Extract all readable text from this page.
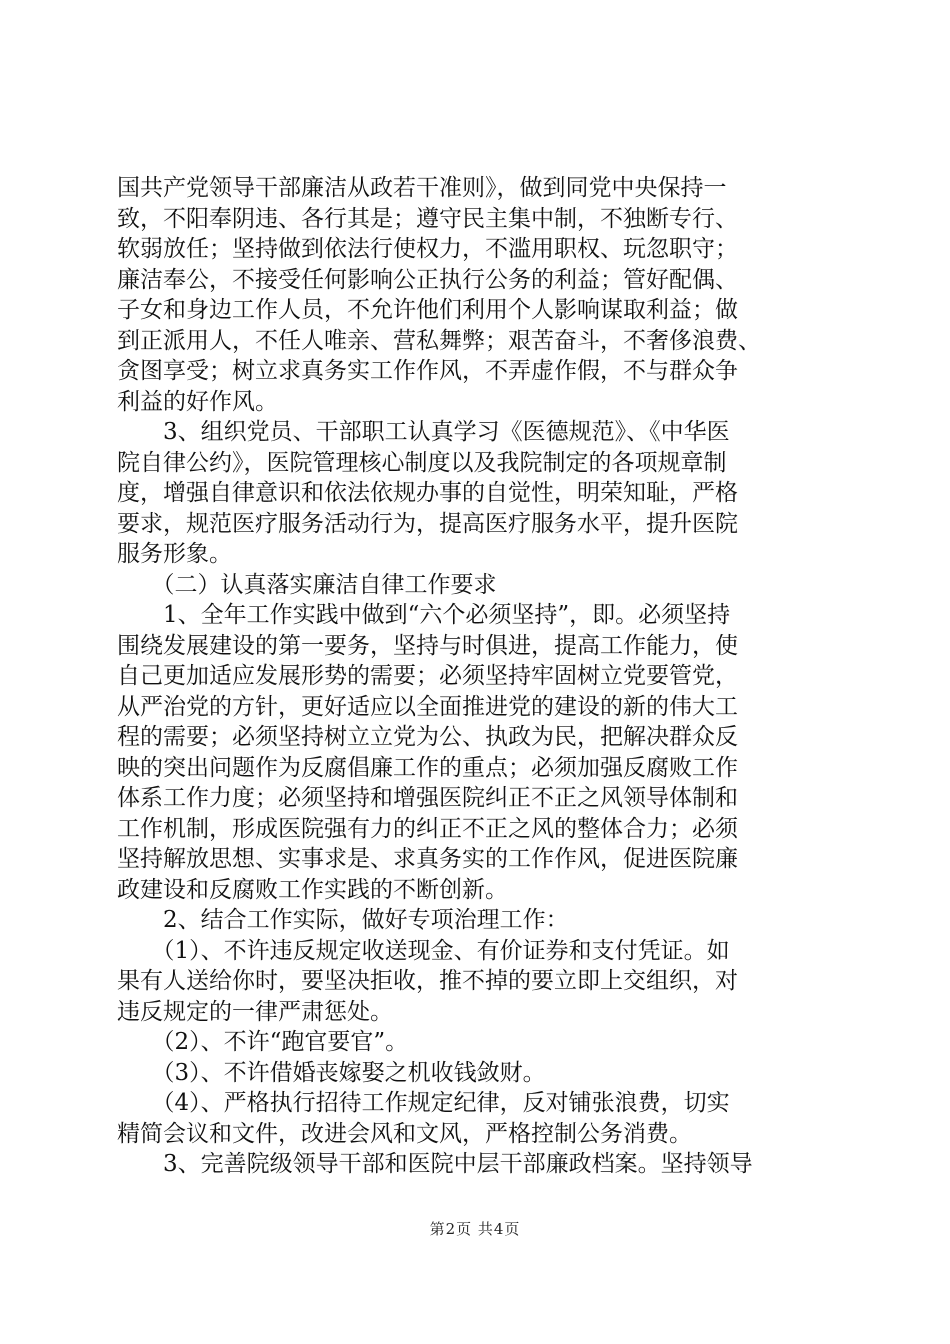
国共产党领导干部廉洁从政若干准则》，做到同党中央保持一
致，不阳奉阴违、各行其是；遵守民主集中制，不独断专行、
软弱放任；坚持做到依法行使权力，不滥用职权、玩忽职守；
廉洁奉公，不接受任何影响公正执行公务的利益；管好配偶、
子女和身边工作人员，不允许他们利用个人影响谋取利益；做
到正派用人，不任人唯亲、营私舞弊；艰苦奋斗，不奢侈浪费、
贪图享受；树立求真务实工作作风，不弄虚作假，不与群众争
利益的好作风。
　　3、组织党员、干部职工认真学习《医德规范》、《中华医
院自律公约》，医院管理核心制度以及我院制定的各项规章制
度，增强自律意识和依法依规办事的自觉性，明荣知耻，严格
要求，规范医疗服务活动行为，提高医疗服务水平，提升医院
服务形象。
　　（二）认真落实廉洁自律工作要求
　　1、全年工作实践中做到“六个必须坚持”，即。必须坚持
围绕发展建设的第一要务，坚持与时俱进，提高工作能力，使
自己更加适应发展形势的需要；必须坚持牢固树立党要管党，
从严治党的方针，更好适应以全面推进党的建设的新的伟大工
程的需要；必须坚持树立立党为公、执政为民，把解决群众反
映的突出问题作为反腐倡廉工作的重点；必须加强反腐败工作
体系工作力度；必须坚持和增强医院纠正不正之风领导体制和
工作机制，形成医院强有力的纠正不正之风的整体合力；必须
坚持解放思想、实事求是、求真务实的工作作风，促进医院廉
政建设和反腐败工作实践的不断创新。
　　2、结合工作实际，做好专项治理工作：
　　（1）、不许违反规定收送现金、有价证券和支付凭证。如
果有人送给你时，要坚决拒收，推不掉的要立即上交组织，对
违反规定的一律严肃惩处。
　　（2）、不许“跑官要官”。
　　（3）、不许借婚丧嫁娶之机收钱敛财。
　　（4）、严格执行招待工作规定纪律，反对铺张浪费，切实
精简会议和文件，改进会风和文风，严格控制公务消费。
　　3、完善院级领导干部和医院中层干部廉政档案。坚持领导
第2页 共4页
